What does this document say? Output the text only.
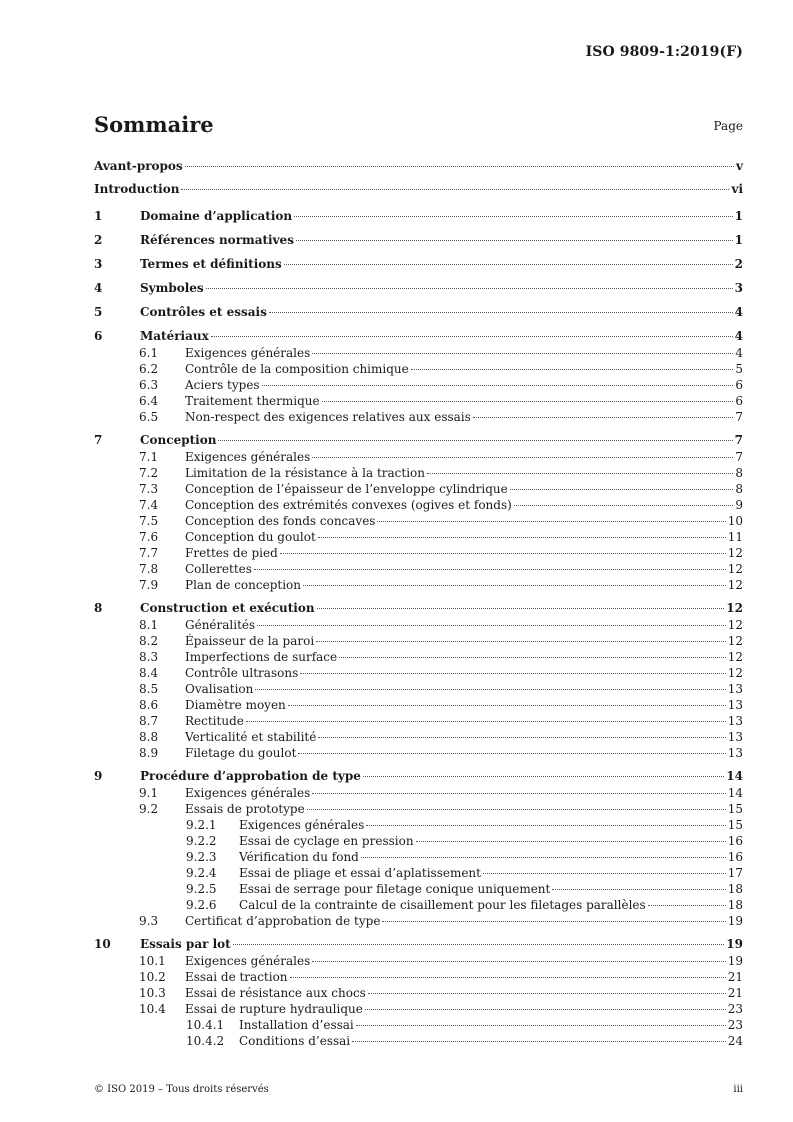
ISO 9809-1:2019(F)
Sommaire	Page
Avant-propos	v
Introduction	vi
1	Domaine d’application	1
2	Références normatives	1
3	Termes et définitions	2
4	Symboles	3
5	Contrôles et essais	4
6	Matériaux	4
6.1	Exigences générales	4
6.2	Contrôle de la composition chimique	5
6.3	Aciers types	6
6.4	Traitement thermique	6
6.5	Non-respect des exigences relatives aux essais	7
7	Conception	7
7.1	Exigences générales	7
7.2	Limitation de la résistance à la traction	8
7.3	Conception de l’épaisseur de l’enveloppe cylindrique	8
7.4	Conception des extrémités convexes (ogives et fonds)	9
7.5	Conception des fonds concaves	10
7.6	Conception du goulot	11
7.7	Frettes de pied	12
7.8	Collerettes	12
7.9	Plan de conception	12
8	Construction et exécution	12
8.1	Généralités	12
8.2	Épaisseur de la paroi	12
8.3	Imperfections de surface	12
8.4	Contrôle ultrasons	12
8.5	Ovalisation	13
8.6	Diamètre moyen	13
8.7	Rectitude	13
8.8	Verticalité et stabilité	13
8.9	Filetage du goulot	13
9	Procédure d’approbation de type	14
9.1	Exigences générales	14
9.2	Essais de prototype	15
9.2.1	Exigences générales	15
9.2.2	Essai de cyclage en pression	16
9.2.3	Vérification du fond	16
9.2.4	Essai de pliage et essai d’aplatissement	17
9.2.5	Essai de serrage pour filetage conique uniquement	18
9.2.6	Calcul de la contrainte de cisaillement pour les filetages parallèles	18
9.3	Certificat d’approbation de type	19
10	Essais par lot	19
10.1	Exigences générales	19
10.2	Essai de traction	21
10.3	Essai de résistance aux chocs	21
10.4	Essai de rupture hydraulique	23
10.4.1	Installation d’essai	23
10.4.2	Conditions d’essai	24
© ISO 2019 – Tous droits réservés	iii
